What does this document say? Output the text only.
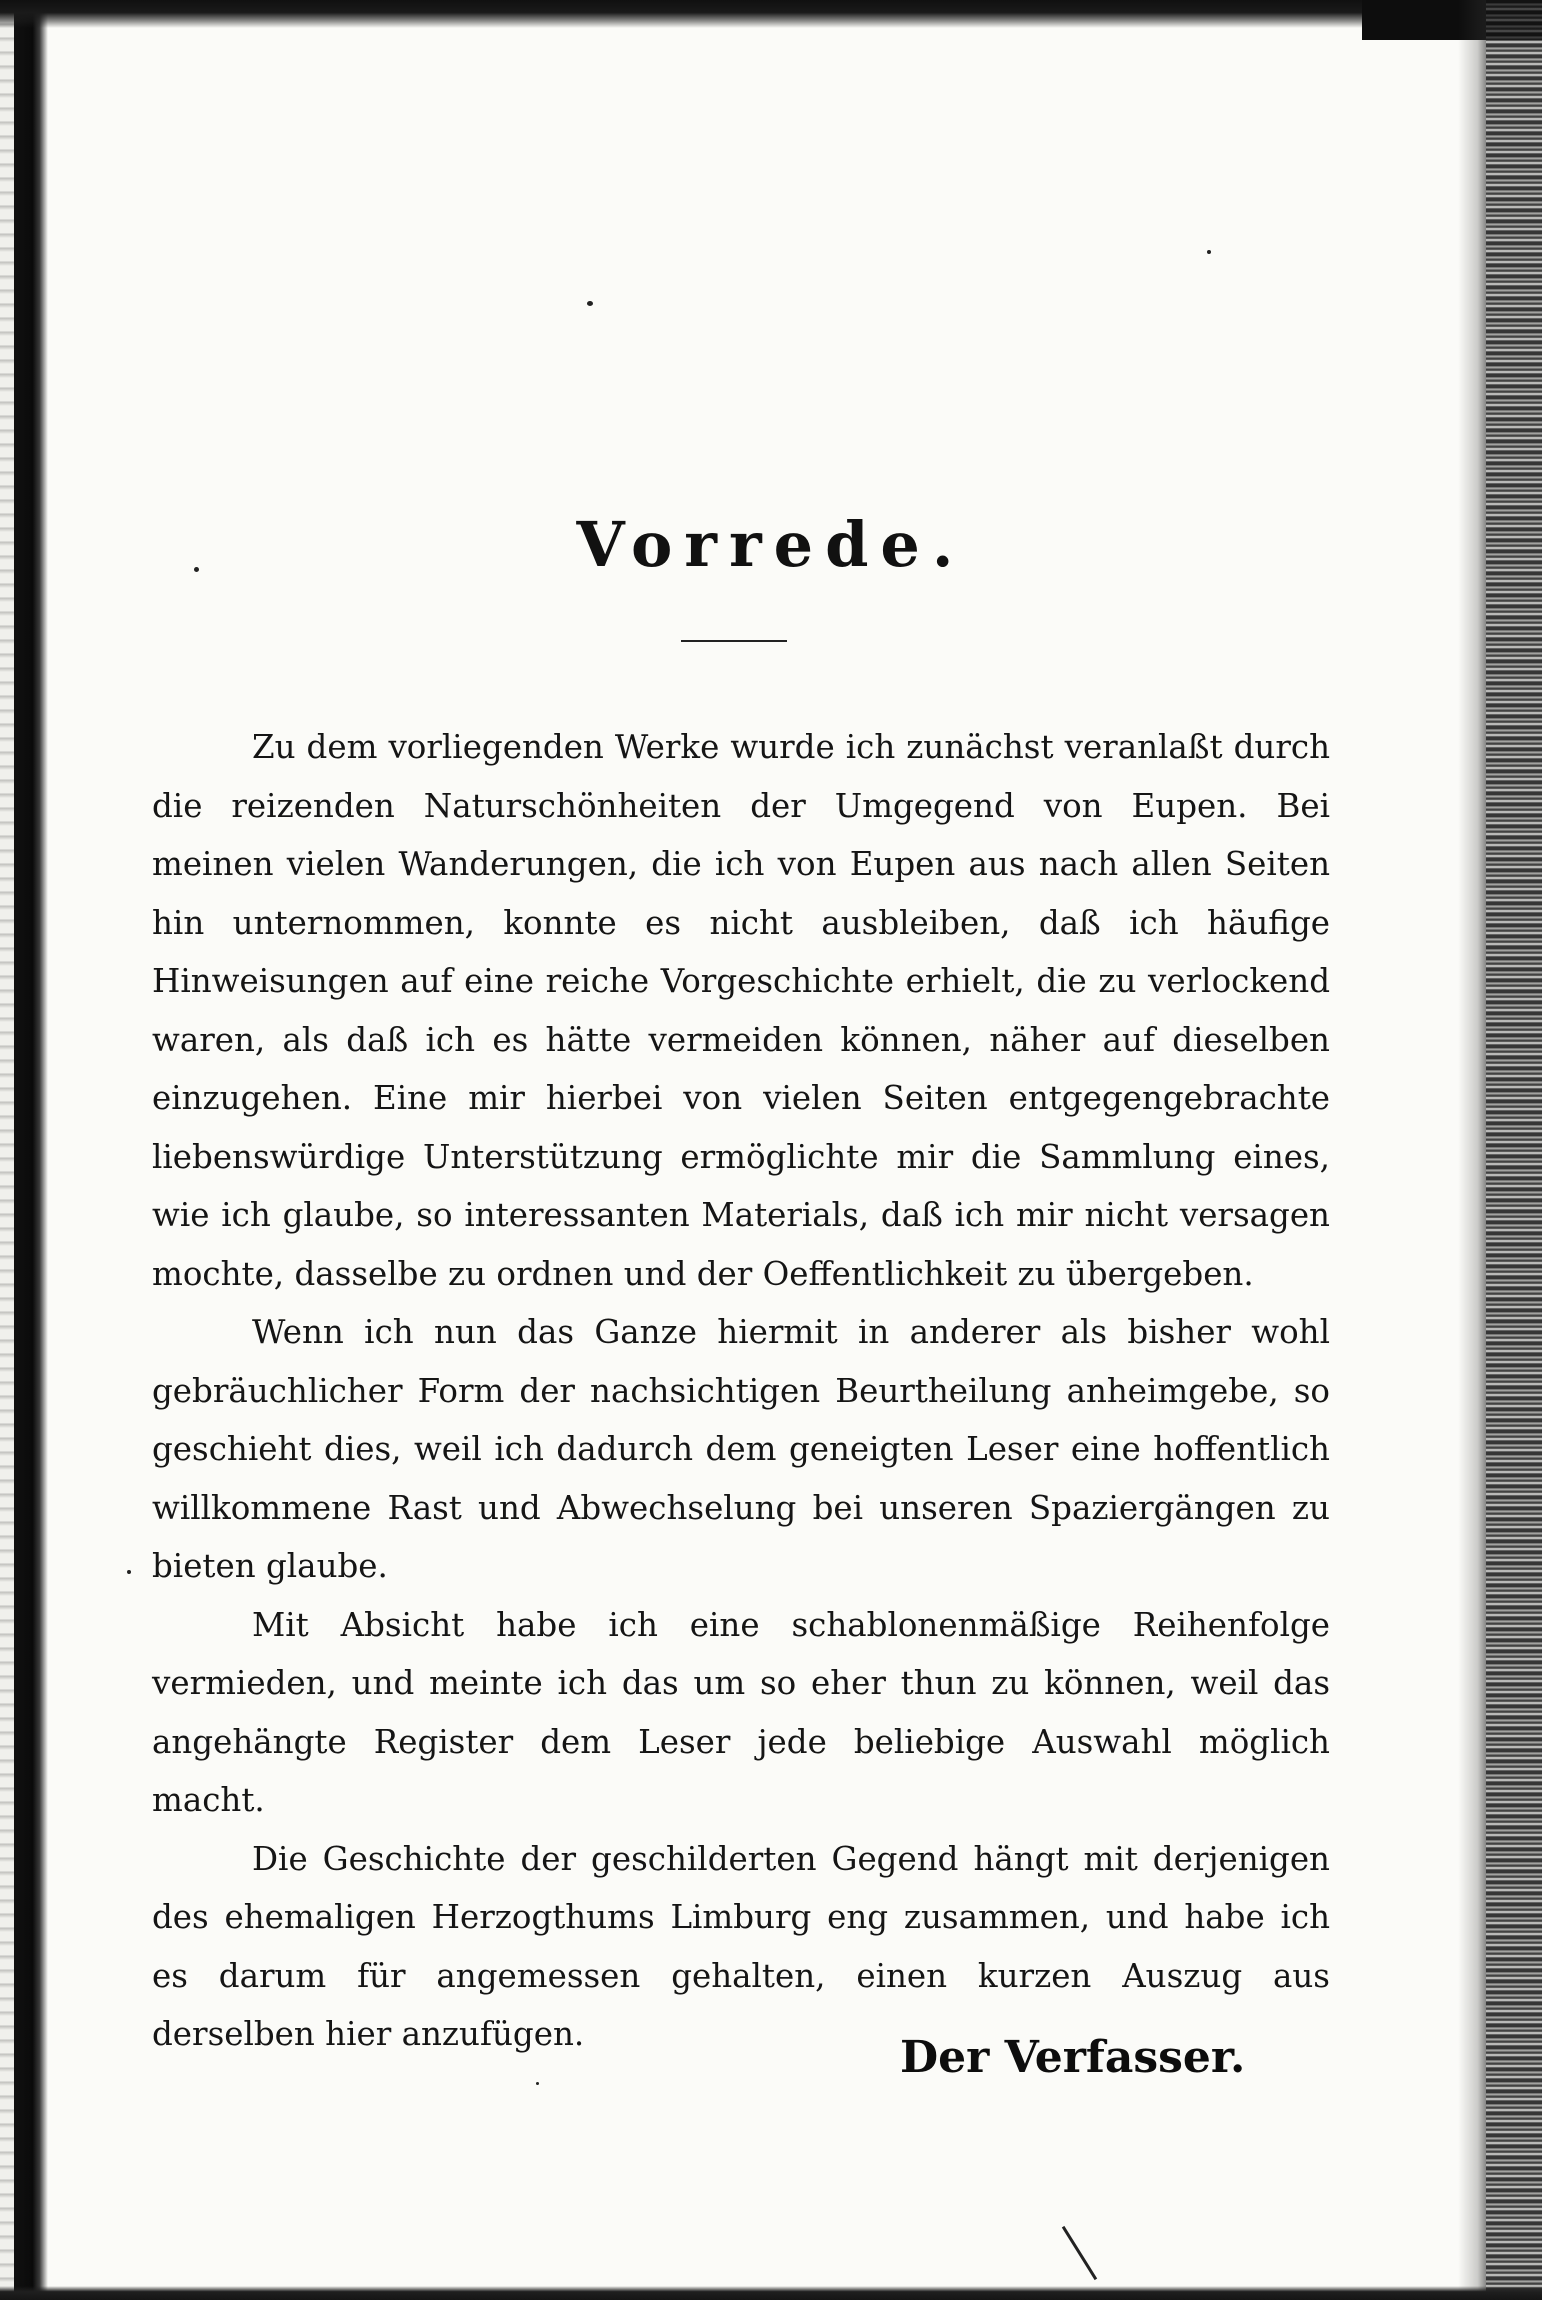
Vorrede.

Zu dem vorliegenden Werke wurde ich zunächst veranlaßt durch die reizenden Naturschönheiten der Umgegend von Eupen. Bei meinen vielen Wanderungen, die ich von Eupen aus nach allen Seiten hin unternommen, konnte es nicht ausbleiben, daß ich häufige Hinweisungen auf eine reiche Vorgeschichte erhielt, die zu verlockend waren, als daß ich es hätte vermeiden können, näher auf dieselben einzugehen. Eine mir hierbei von vielen Seiten entgegengebrachte liebenswürdige Unterstützung ermöglichte mir die Sammlung eines, wie ich glaube, so interessanten Materials, daß ich mir nicht versagen mochte, dasselbe zu ordnen und der Oeffentlichkeit zu übergeben.

Wenn ich nun das Ganze hiermit in anderer als bisher wohl gebräuchlicher Form der nachsichtigen Beurtheilung anheimgebe, so geschieht dies, weil ich dadurch dem geneigten Leser eine hoffentlich willkommene Rast und Abwechselung bei unseren Spaziergängen zu bieten glaube.

Mit Absicht habe ich eine schablonenmäßige Reihenfolge vermieden, und meinte ich das um so eher thun zu können, weil das angehängte Register dem Leser jede beliebige Auswahl möglich macht.

Die Geschichte der geschilderten Gegend hängt mit derjenigen des ehemaligen Herzogthums Limburg eng zusammen, und habe ich es darum für angemessen gehalten, einen kurzen Auszug aus derselben hier anzufügen.	Der Verfasser.
